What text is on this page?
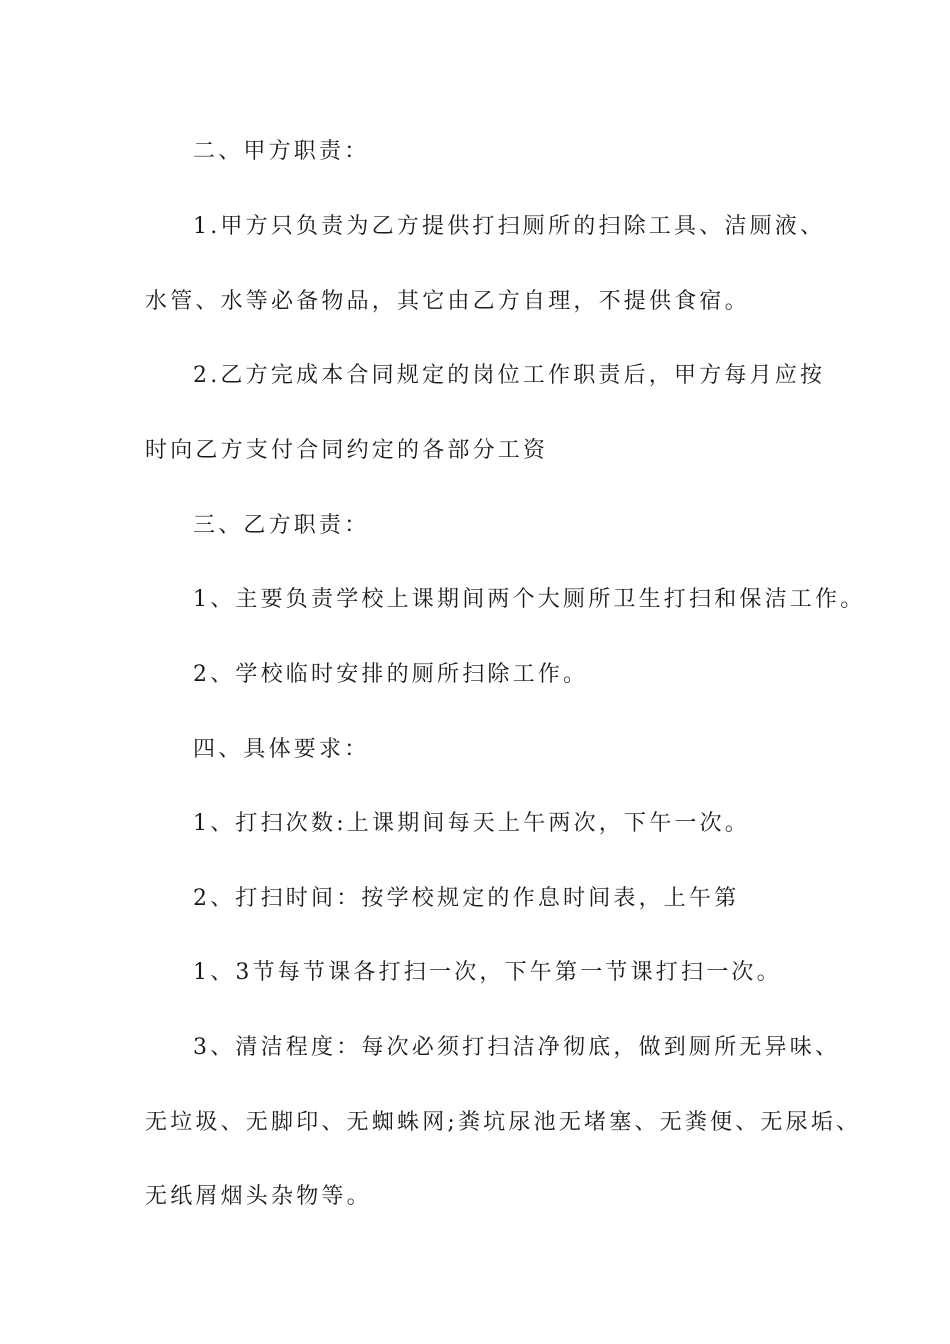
二、甲方职责：

1.甲方只负责为乙方提供打扫厕所的扫除工具、洁厕液、

水管、水等必备物品，其它由乙方自理，不提供食宿。

2.乙方完成本合同规定的岗位工作职责后，甲方每月应按

时向乙方支付合同约定的各部分工资

三、乙方职责：

1、主要负责学校上课期间两个大厕所卫生打扫和保洁工作。

2、学校临时安排的厕所扫除工作。

四、具体要求：

1、打扫次数:上课期间每天上午两次，下午一次。

2、打扫时间：按学校规定的作息时间表，上午第

1、3节每节课各打扫一次，下午第一节课打扫一次。

3、清洁程度：每次必须打扫洁净彻底，做到厕所无异味、

无垃圾、无脚印、无蜘蛛网;粪坑尿池无堵塞、无粪便、无尿垢、

无纸屑烟头杂物等。
